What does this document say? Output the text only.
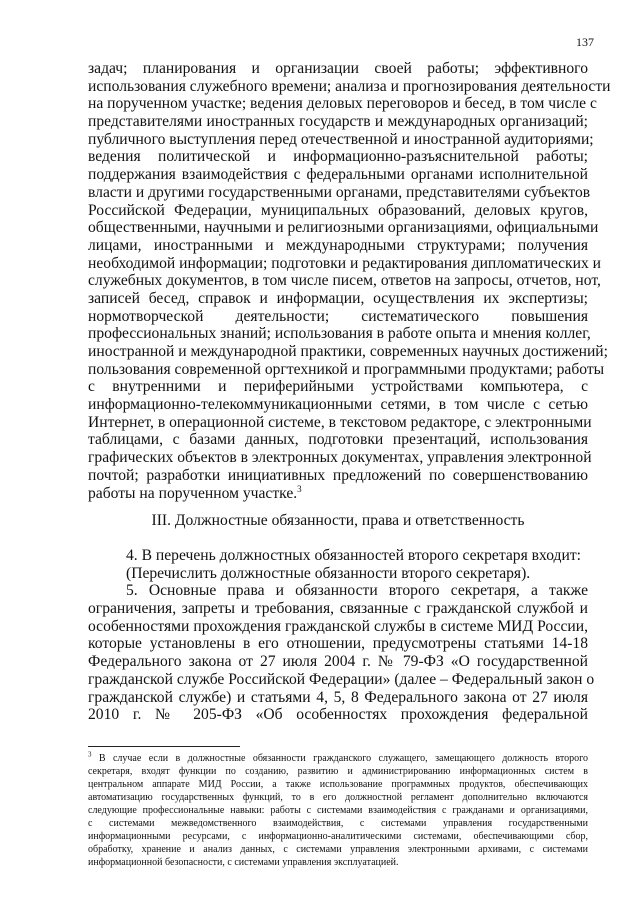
137
задач; планирования и организации своей работы; эффективного
использования служебного времени; анализа и прогнозирования деятельности
на порученном участке; ведения деловых переговоров и бесед, в том числе с
представителями иностранных государств и международных организаций;
публичного выступления перед отечественной и иностранной аудиториями;
ведения политической и информационно-разъяснительной работы;
поддержания взаимодействия с федеральными органами исполнительной
власти и другими государственными органами, представителями субъектов
Российской Федерации, муниципальных образований, деловых кругов,
общественными, научными и религиозными организациями, официальными
лицами, иностранными и международными структурами; получения
необходимой информации; подготовки и редактирования дипломатических и
служебных документов, в том числе писем, ответов на запросы, отчетов, нот,
записей бесед, справок и информации, осуществления их экспертизы;
нормотворческой деятельности; систематического повышения
профессиональных знаний; использования в работе опыта и мнения коллег,
иностранной и международной практики, современных научных достижений;
пользования современной оргтехникой и программными продуктами; работы
с внутренними и периферийными устройствами компьютера, с
информационно-телекоммуникационными сетями, в том числе с сетью
Интернет, в операционной системе, в текстовом редакторе, с электронными
таблицами, с базами данных, подготовки презентаций, использования
графических объектов в электронных документах, управления электронной
почтой; разработки инициативных предложений по совершенствованию
работы на порученном участке.$^3$
III. Должностные обязанности, права и ответственность
4. В перечень должностных обязанностей второго секретаря входит:
(Перечислить должностные обязанности второго секретаря).
5. Основные права и обязанности второго секретаря, а также
ограничения, запреты и требования, связанные с гражданской службой и
особенностями прохождения гражданской службы в системе МИД России,
которые установлены в его отношении, предусмотрены статьями 14-18
Федерального закона от 27 июля 2004 г. № 79-ФЗ «О государственной
гражданской службе Российской Федерации» (далее – Федеральный закон о
гражданской службе) и статьями 4, 5, 8 Федерального закона от 27 июля
2010 г. № 205-ФЗ «Об особенностях прохождения федеральной
$^3$ В случае если в должностные обязанности гражданского служащего, замещающего должность второго
секретаря, входят функции по созданию, развитию и администрированию информационных систем в
центральном аппарате МИД России, а также использование программных продуктов, обеспечивающих
автоматизацию государственных функций, то в его должностной регламент дополнительно включаются
следующие профессиональные навыки: работы с системами взаимодействия с гражданами и организациями,
с системами межведомственного взаимодействия, с системами управления государственными
информационными ресурсами, с информационно-аналитическими системами, обеспечивающими сбор,
обработку, хранение и анализ данных, с системами управления электронными архивами, с системами
информационной безопасности, с системами управления эксплуатацией.
